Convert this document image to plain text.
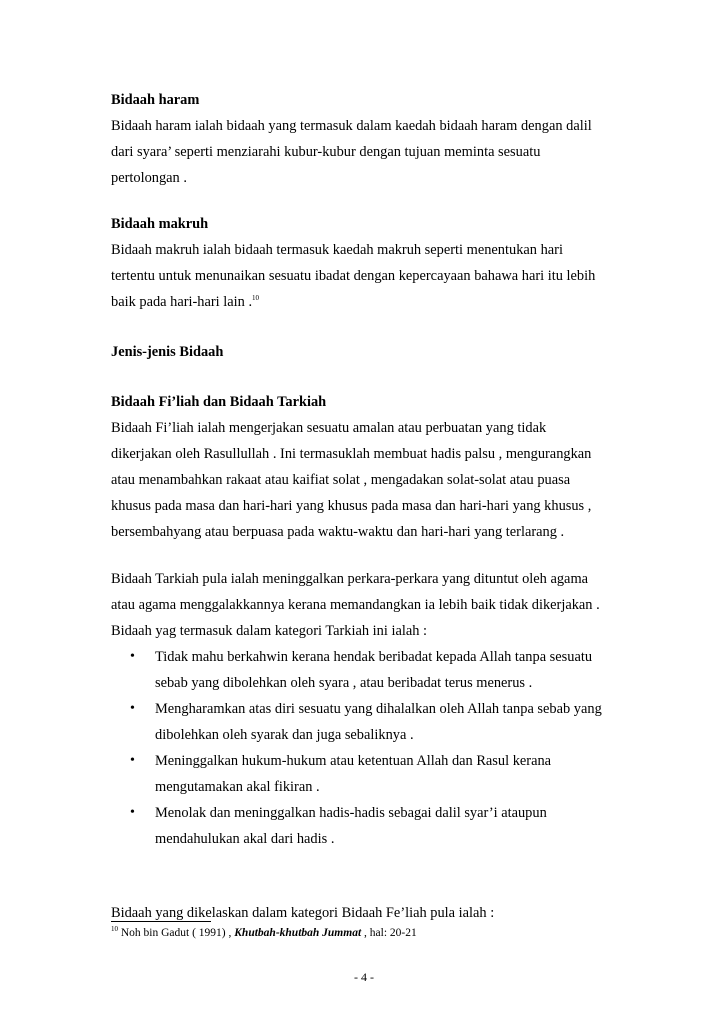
Bidaah haram
Bidaah haram ialah bidaah yang termasuk dalam kaedah bidaah haram dengan dalil
dari syara’ seperti menziarahi kubur-kubur dengan tujuan meminta sesuatu
pertolongan .
Bidaah makruh
Bidaah makruh ialah bidaah termasuk kaedah makruh seperti menentukan hari
tertentu untuk menunaikan sesuatu ibadat dengan kepercayaan bahawa hari itu lebih
baik pada hari-hari lain .$^{10}$
Jenis-jenis Bidaah
Bidaah Fi’liah dan Bidaah Tarkiah
Bidaah Fi’liah ialah mengerjakan sesuatu amalan atau perbuatan yang tidak
dikerjakan oleh Rasullullah . Ini termasuklah membuat hadis palsu , mengurangkan
atau menambahkan rakaat atau kaifiat solat , mengadakan solat-solat atau puasa
khusus pada masa dan hari-hari yang khusus pada masa dan hari-hari yang khusus ,
bersembahyang atau berpuasa pada waktu-waktu dan hari-hari yang terlarang .
Bidaah Tarkiah pula ialah meninggalkan perkara-perkara yang dituntut oleh agama
atau agama menggalakkannya kerana memandangkan ia lebih baik tidak dikerjakan .
Bidaah yag termasuk dalam kategori Tarkiah ini ialah :
• Tidak mahu berkahwin kerana hendak beribadat kepada Allah tanpa sesuatu
sebab yang dibolehkan oleh syara , atau beribadat terus menerus .
• Mengharamkan atas diri sesuatu yang dihalalkan oleh Allah tanpa sebab yang
dibolehkan oleh syarak dan juga sebaliknya .
• Meninggalkan hukum-hukum atau ketentuan Allah dan Rasul kerana
mengutamakan akal fikiran .
• Menolak dan meninggalkan hadis-hadis sebagai dalil syar’i ataupun
mendahulukan akal dari hadis .
Bidaah yang dikelaskan dalam kategori Bidaah Fe’liah pula ialah :
$^{10}$ Noh bin Gadut ( 1991) , Khutbah-khutbah Jummat , hal: 20-21
- 4 -
